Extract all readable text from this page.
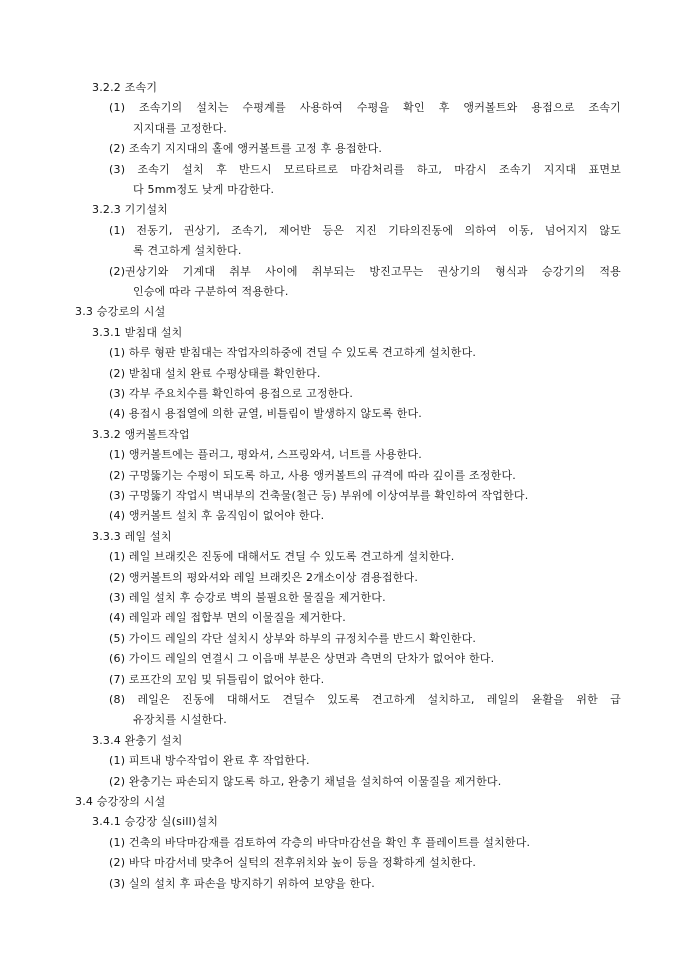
3.2.2 조속기
(1) 조속기의 설치는 수평계를 사용하여 수평을 확인 후 앵커볼트와 용접으로 조속기
지지대를 고정한다.
(2) 조속기 지지대의 홀에 앵커볼트를 고정 후 용접한다.
(3) 조속기 설치 후 반드시 모르타르로 마감처리를 하고, 마감시 조속기 지지대 표면보
다 5mm정도 낮게 마감한다.
3.2.3 기기설치
(1) 전동기, 권상기, 조속기, 제어반 등은 지진 기타의진동에 의하여 이동, 넘어지지 않도
록 견고하게 설치한다.
(2)권상기와 기계대 취부 사이에 취부되는 방진고무는 권상기의 형식과 승강기의 적용
인승에 따라 구분하여 적용한다.
3.3 승강로의 시설
3.3.1 받침대 설치
(1) 하루 형판 받침대는 작업자의하중에 견딜 수 있도록 견고하게 설치한다.
(2) 받침대 설치 완료 수평상태를 확인한다.
(3) 각부 주요치수를 확인하여 용접으로 고정한다.
(4) 용접시 용접열에 의한 균열, 비틀림이 발생하지 않도록 한다.
3.3.2 앵커볼트작업
(1) 앵커볼트에는 플러그, 평와셔, 스프링와셔, 너트를 사용한다.
(2) 구멍뚫기는 수평이 되도록 하고, 사용 앵커볼트의 규격에 따라 깊이를 조정한다.
(3) 구멍뚫기 작업시 벽내부의 건축물(철근 등) 부위에 이상여부를 확인하여 작업한다.
(4) 앵커볼트 설치 후 움직임이 없어야 한다.
3.3.3 레일 설치
(1) 레일 브래킷은 진동에 대해서도 견딜 수 있도록 견고하게 설치한다.
(2) 앵커볼트의 평와셔와 레일 브래킷은 2개소이상 겸용접한다.
(3) 레일 설치 후 승강로 벽의 불필요한 물질을 제거한다.
(4) 레일과 레일 접합부 면의 이물질을 제거한다.
(5) 가이드 레일의 각단 설치시 상부와 하부의 규정치수를 반드시 확인한다.
(6) 가이드 레일의 연결시 그 이음매 부분은 상면과 측면의 단차가 없어야 한다.
(7) 로프간의 꼬임 및 뒤틀림이 없어야 한다.
(8) 레일은 진동에 대해서도 견딜수 있도록 견고하게 설치하고, 레일의 윤활을 위한 급
유장치를 시설한다.
3.3.4 완충기 설치
(1) 피트내 방수작업이 완료 후 작업한다.
(2) 완충기는 파손되지 않도록 하고, 완충기 채널을 설치하여 이물질을 제거한다.
3.4 승강장의 시설
3.4.1 승강장 실(sill)설치
(1) 건축의 바닥마감재를 검토하여 각층의 바닥마감선을 확인 후 플레이트를 설치한다.
(2) 바닥 마감서네 맞추어 실턱의 전후위치와 높이 등을 정확하게 설치한다.
(3) 실의 설치 후 파손을 방지하기 위하여 보양을 한다.
